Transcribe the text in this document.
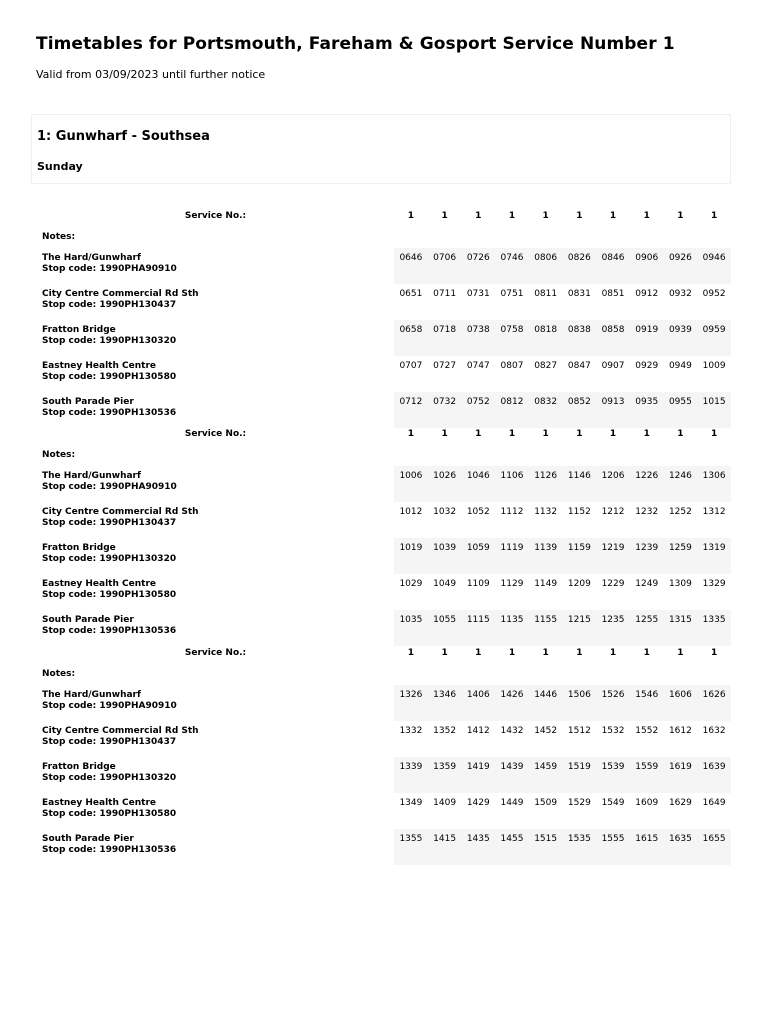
Timetables for Portsmouth, Fareham & Gosport Service Number 1
Valid from 03/09/2023 until further notice
1: Gunwharf - Southsea
Sunday
Service No.:	1	1	1	1	1	1	1	1	1	1
Notes:										

The Hard/Gunwharf
Stop code: 1990PHA90910	0646	0706	0726	0746	0806	0826	0846	0906	0926	0946

City Centre Commercial Rd Sth
Stop code: 1990PH130437	0651	0711	0731	0751	0811	0831	0851	0912	0932	0952

Fratton Bridge
Stop code: 1990PH130320	0658	0718	0738	0758	0818	0838	0858	0919	0939	0959

Eastney Health Centre
Stop code: 1990PH130580	0707	0727	0747	0807	0827	0847	0907	0929	0949	1009

South Parade Pier
Stop code: 1990PH130536	0712	0732	0752	0812	0832	0852	0913	0935	0955	1015
Service No.:	1	1	1	1	1	1	1	1	1	1
Notes:										

The Hard/Gunwharf
Stop code: 1990PHA90910	1006	1026	1046	1106	1126	1146	1206	1226	1246	1306

City Centre Commercial Rd Sth
Stop code: 1990PH130437	1012	1032	1052	1112	1132	1152	1212	1232	1252	1312

Fratton Bridge
Stop code: 1990PH130320	1019	1039	1059	1119	1139	1159	1219	1239	1259	1319

Eastney Health Centre
Stop code: 1990PH130580	1029	1049	1109	1129	1149	1209	1229	1249	1309	1329

South Parade Pier
Stop code: 1990PH130536	1035	1055	1115	1135	1155	1215	1235	1255	1315	1335
Service No.:	1	1	1	1	1	1	1	1	1	1
Notes:										

The Hard/Gunwharf
Stop code: 1990PHA90910	1326	1346	1406	1426	1446	1506	1526	1546	1606	1626

City Centre Commercial Rd Sth
Stop code: 1990PH130437	1332	1352	1412	1432	1452	1512	1532	1552	1612	1632

Fratton Bridge
Stop code: 1990PH130320	1339	1359	1419	1439	1459	1519	1539	1559	1619	1639

Eastney Health Centre
Stop code: 1990PH130580	1349	1409	1429	1449	1509	1529	1549	1609	1629	1649

South Parade Pier
Stop code: 1990PH130536	1355	1415	1435	1455	1515	1535	1555	1615	1635	1655
